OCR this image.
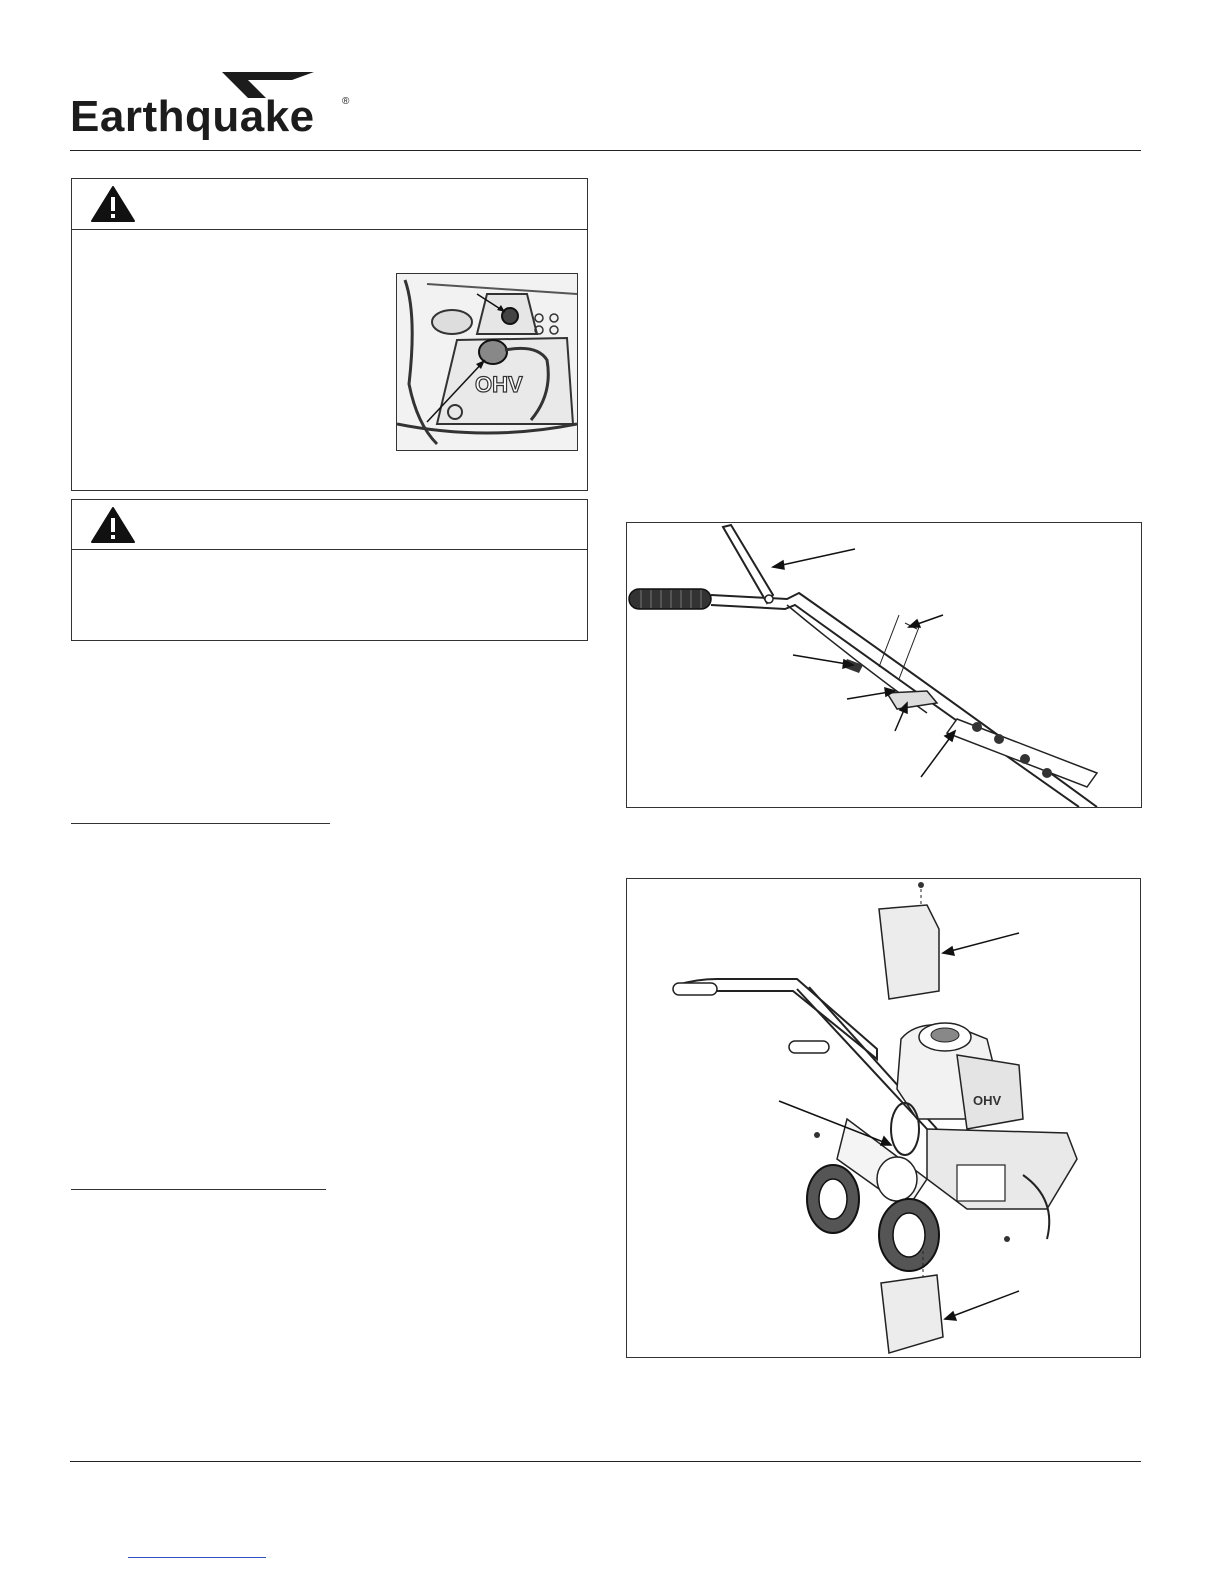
Earthquake	®
OHV
OHV
